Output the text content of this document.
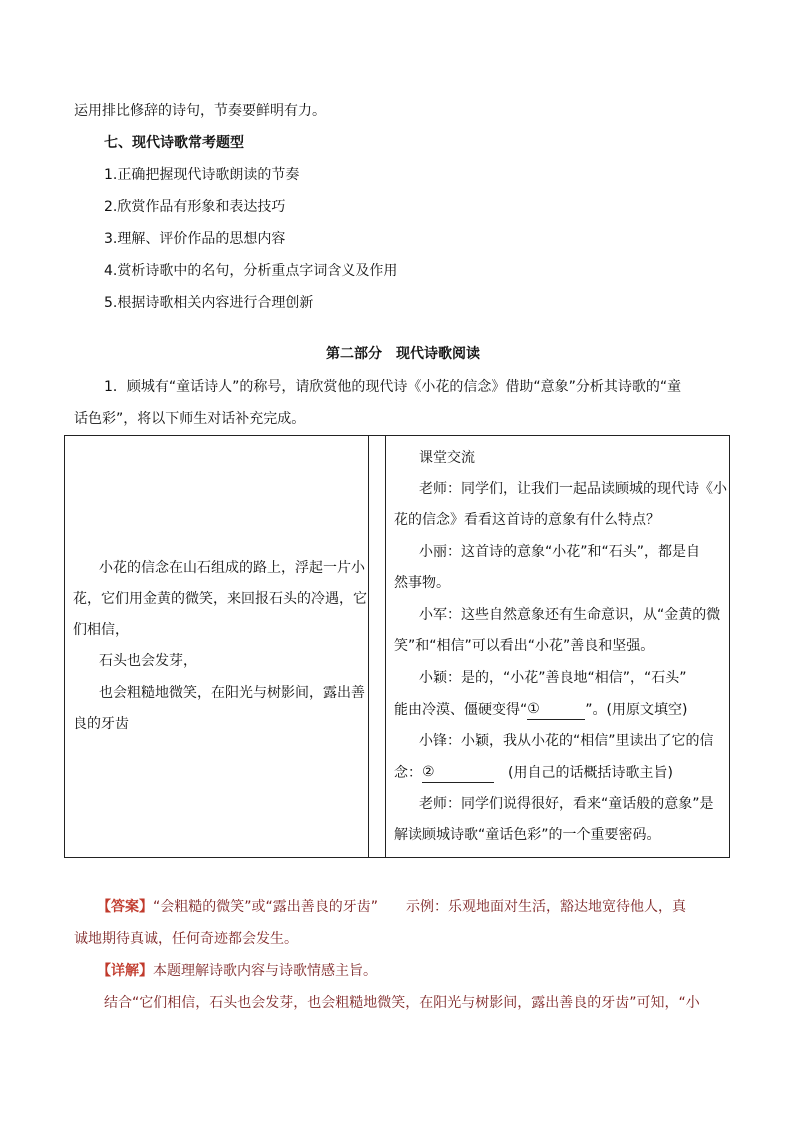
运用排比修辞的诗句，节奏要鲜明有力。
七、现代诗歌常考题型
1.正确把握现代诗歌朗读的节奏
2.欣赏作品有形象和表达技巧
3.理解、评价作品的思想内容
4.赏析诗歌中的名句，分析重点字词含义及作用
5.根据诗歌相关内容进行合理创新
第二部分　现代诗歌阅读
1．顾城有“童话诗人”的称号，请欣赏他的现代诗《小花的信念》借助“意象”分析其诗歌的“童
话色彩”，将以下师生对话补充完成。
小花的信念在山石组成的路上，浮起一片小
花，它们用金黄的微笑，来回报石头的冷遇，它
们相信，
石头也会发芽，
也会粗糙地微笑，在阳光与树影间，露出善
良的牙齿
课堂交流
老师：同学们，让我们一起品读顾城的现代诗《小
花的信念》看看这首诗的意象有什么特点？
小丽：这首诗的意象“小花”和“石头”，都是自
然事物。
小军：这些自然意象还有生命意识，从“金黄的微
笑”和“相信”可以看出“小花”善良和坚强。
小颖：是的，“小花”善良地“相信”，“石头”
能由冷漠、僵硬变得“①	”。(用原文填空)
小锋：小颖，我从小花的“相信”里读出了它的信
念：②	　(用自己的话概括诗歌主旨)
老师：同学们说得很好，看来“童话般的意象”是
解读顾城诗歌“童话色彩”的一个重要密码。
【答案】“会粗糙的微笑”或“露出善良的牙齿”　　示例：乐观地面对生活，豁达地宽待他人，真
诚地期待真诚，任何奇迹都会发生。
【详解】本题理解诗歌内容与诗歌情感主旨。
结合“它们相信，石头也会发芽，也会粗糙地微笑，在阳光与树影间，露出善良的牙齿”可知，“小
